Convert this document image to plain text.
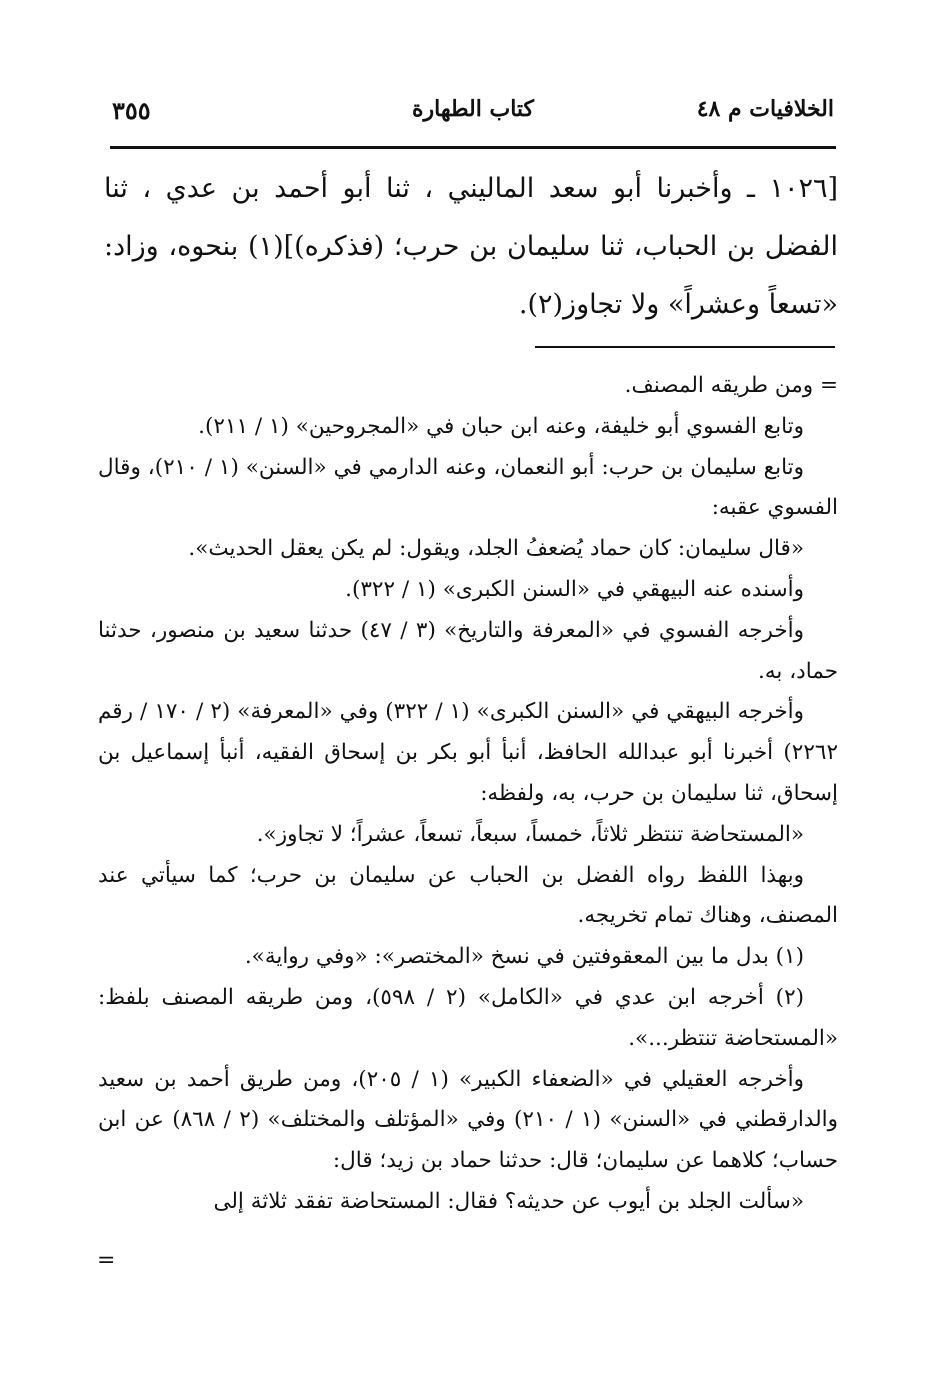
الخلافيات م ٤٨
كتاب الطهارة
٣٥٥

[١٠٢٦ ـ وأخبرنا أبو سعد الماليني ، ثنا أبو أحمد بن عدي ، ثنا الفضل بن الحباب، ثنا سليمان بن حرب؛ (فذكره)](١) بنحوه، وزاد: «تسعاً وعشراً» ولا تجاوز(٢).

= ومن طريقه المصنف.

وتابع الفسوي أبو خليفة، وعنه ابن حبان في «المجروحين» (١ / ٢١١).

وتابع سليمان بن حرب: أبو النعمان، وعنه الدارمي في «السنن» (١ / ٢١٠)، وقال الفسوي عقبه:

«قال سليمان: كان حماد يُضعفُ الجلد، ويقول: لم يكن يعقل الحديث».

وأسنده عنه البيهقي في «السنن الكبرى» (١ / ٣٢٢).

وأخرجه الفسوي في «المعرفة والتاريخ» (٣ / ٤٧) حدثنا سعيد بن منصور، حدثنا حماد، به.

وأخرجه البيهقي في «السنن الكبرى» (١ / ٣٢٢) وفي «المعرفة» (٢ / ١٧٠ / رقم ٢٢٦٢) أخبرنا أبو عبدالله الحافظ، أنبأ أبو بكر بن إسحاق الفقيه، أنبأ إسماعيل بن إسحاق، ثنا سليمان بن حرب، به، ولفظه:

«المستحاضة تنتظر ثلاثاً، خمساً، سبعاً، تسعاً، عشراً؛ لا تجاوز».

وبهذا اللفظ رواه الفضل بن الحباب عن سليمان بن حرب؛ كما سيأتي عند المصنف، وهناك تمام تخريجه.

(١) بدل ما بين المعقوفتين في نسخ «المختصر»: «وفي رواية».

(٢) أخرجه ابن عدي في «الكامل» (٢ / ٥٩٨)، ومن طريقه المصنف بلفظ: «المستحاضة تنتظر...».

وأخرجه العقيلي في «الضعفاء الكبير» (١ / ٢٠٥)، ومن طريق أحمد بن سعيد والدارقطني في «السنن» (١ / ٢١٠) وفي «المؤتلف والمختلف» (٢ / ٨٦٨) عن ابن حساب؛ كلاهما عن سليمان؛ قال: حدثنا حماد بن زيد؛ قال:

«سألت الجلد بن أيوب عن حديثه؟ فقال: المستحاضة تفقد ثلاثة إلى

=
